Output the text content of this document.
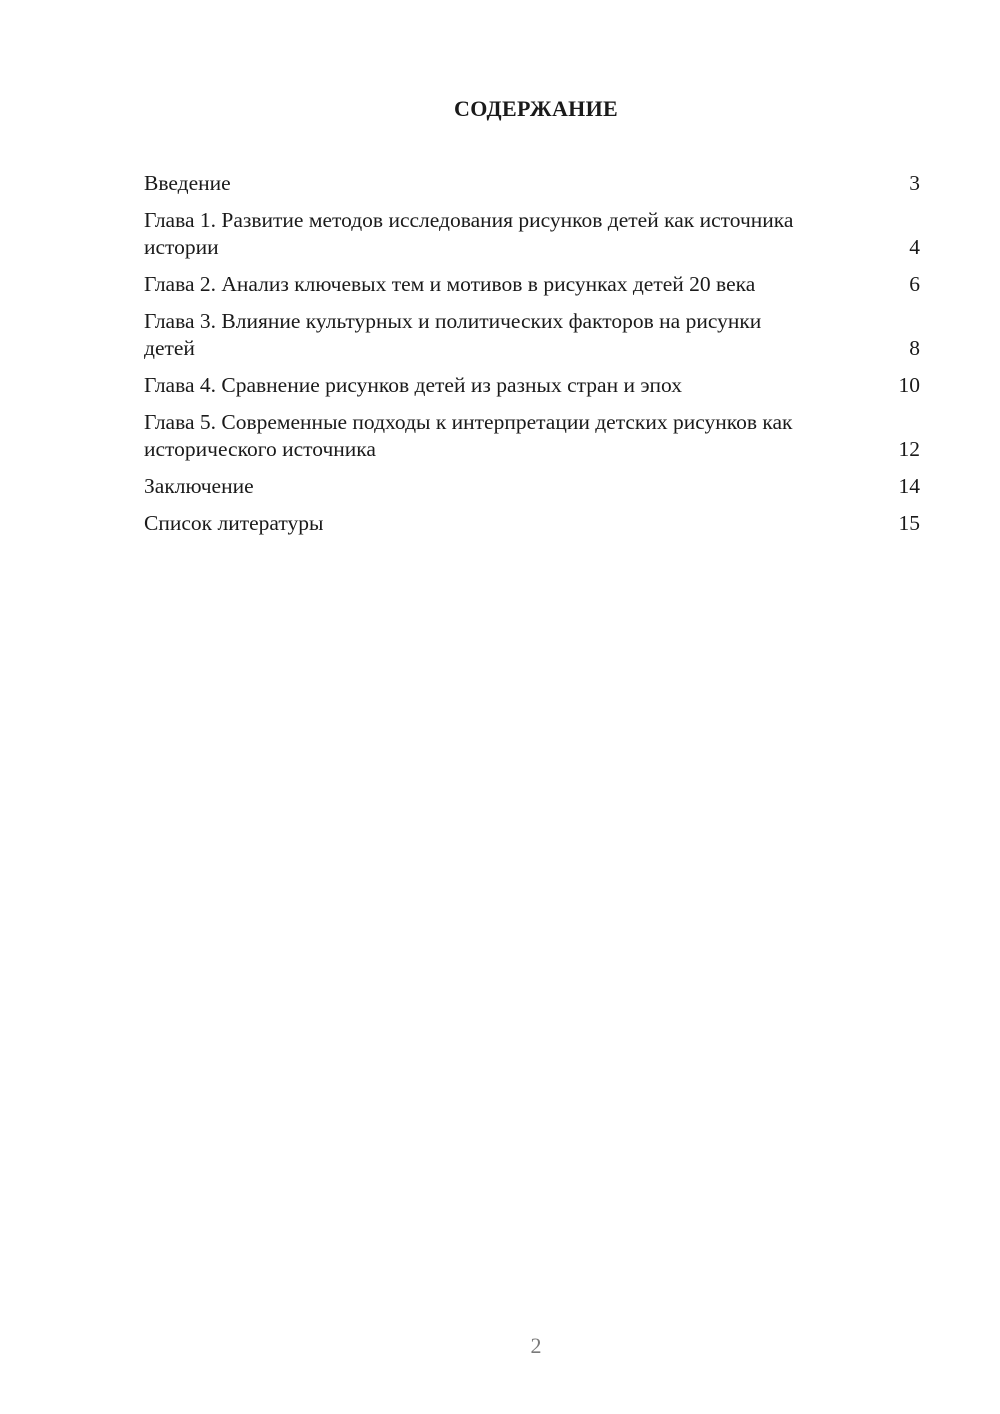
СОДЕРЖАНИЕ
Введение	3
Глава 1. Развитие методов исследования рисунков детей как источника истории	4
Глава 2. Анализ ключевых тем и мотивов в рисунках детей 20 века	6
Глава 3. Влияние культурных и политических факторов на рисунки детей	8
Глава 4. Сравнение рисунков детей из разных стран и эпох	10
Глава 5. Современные подходы к интерпретации детских рисунков как исторического источника	12
Заключение	14
Список литературы	15
2
